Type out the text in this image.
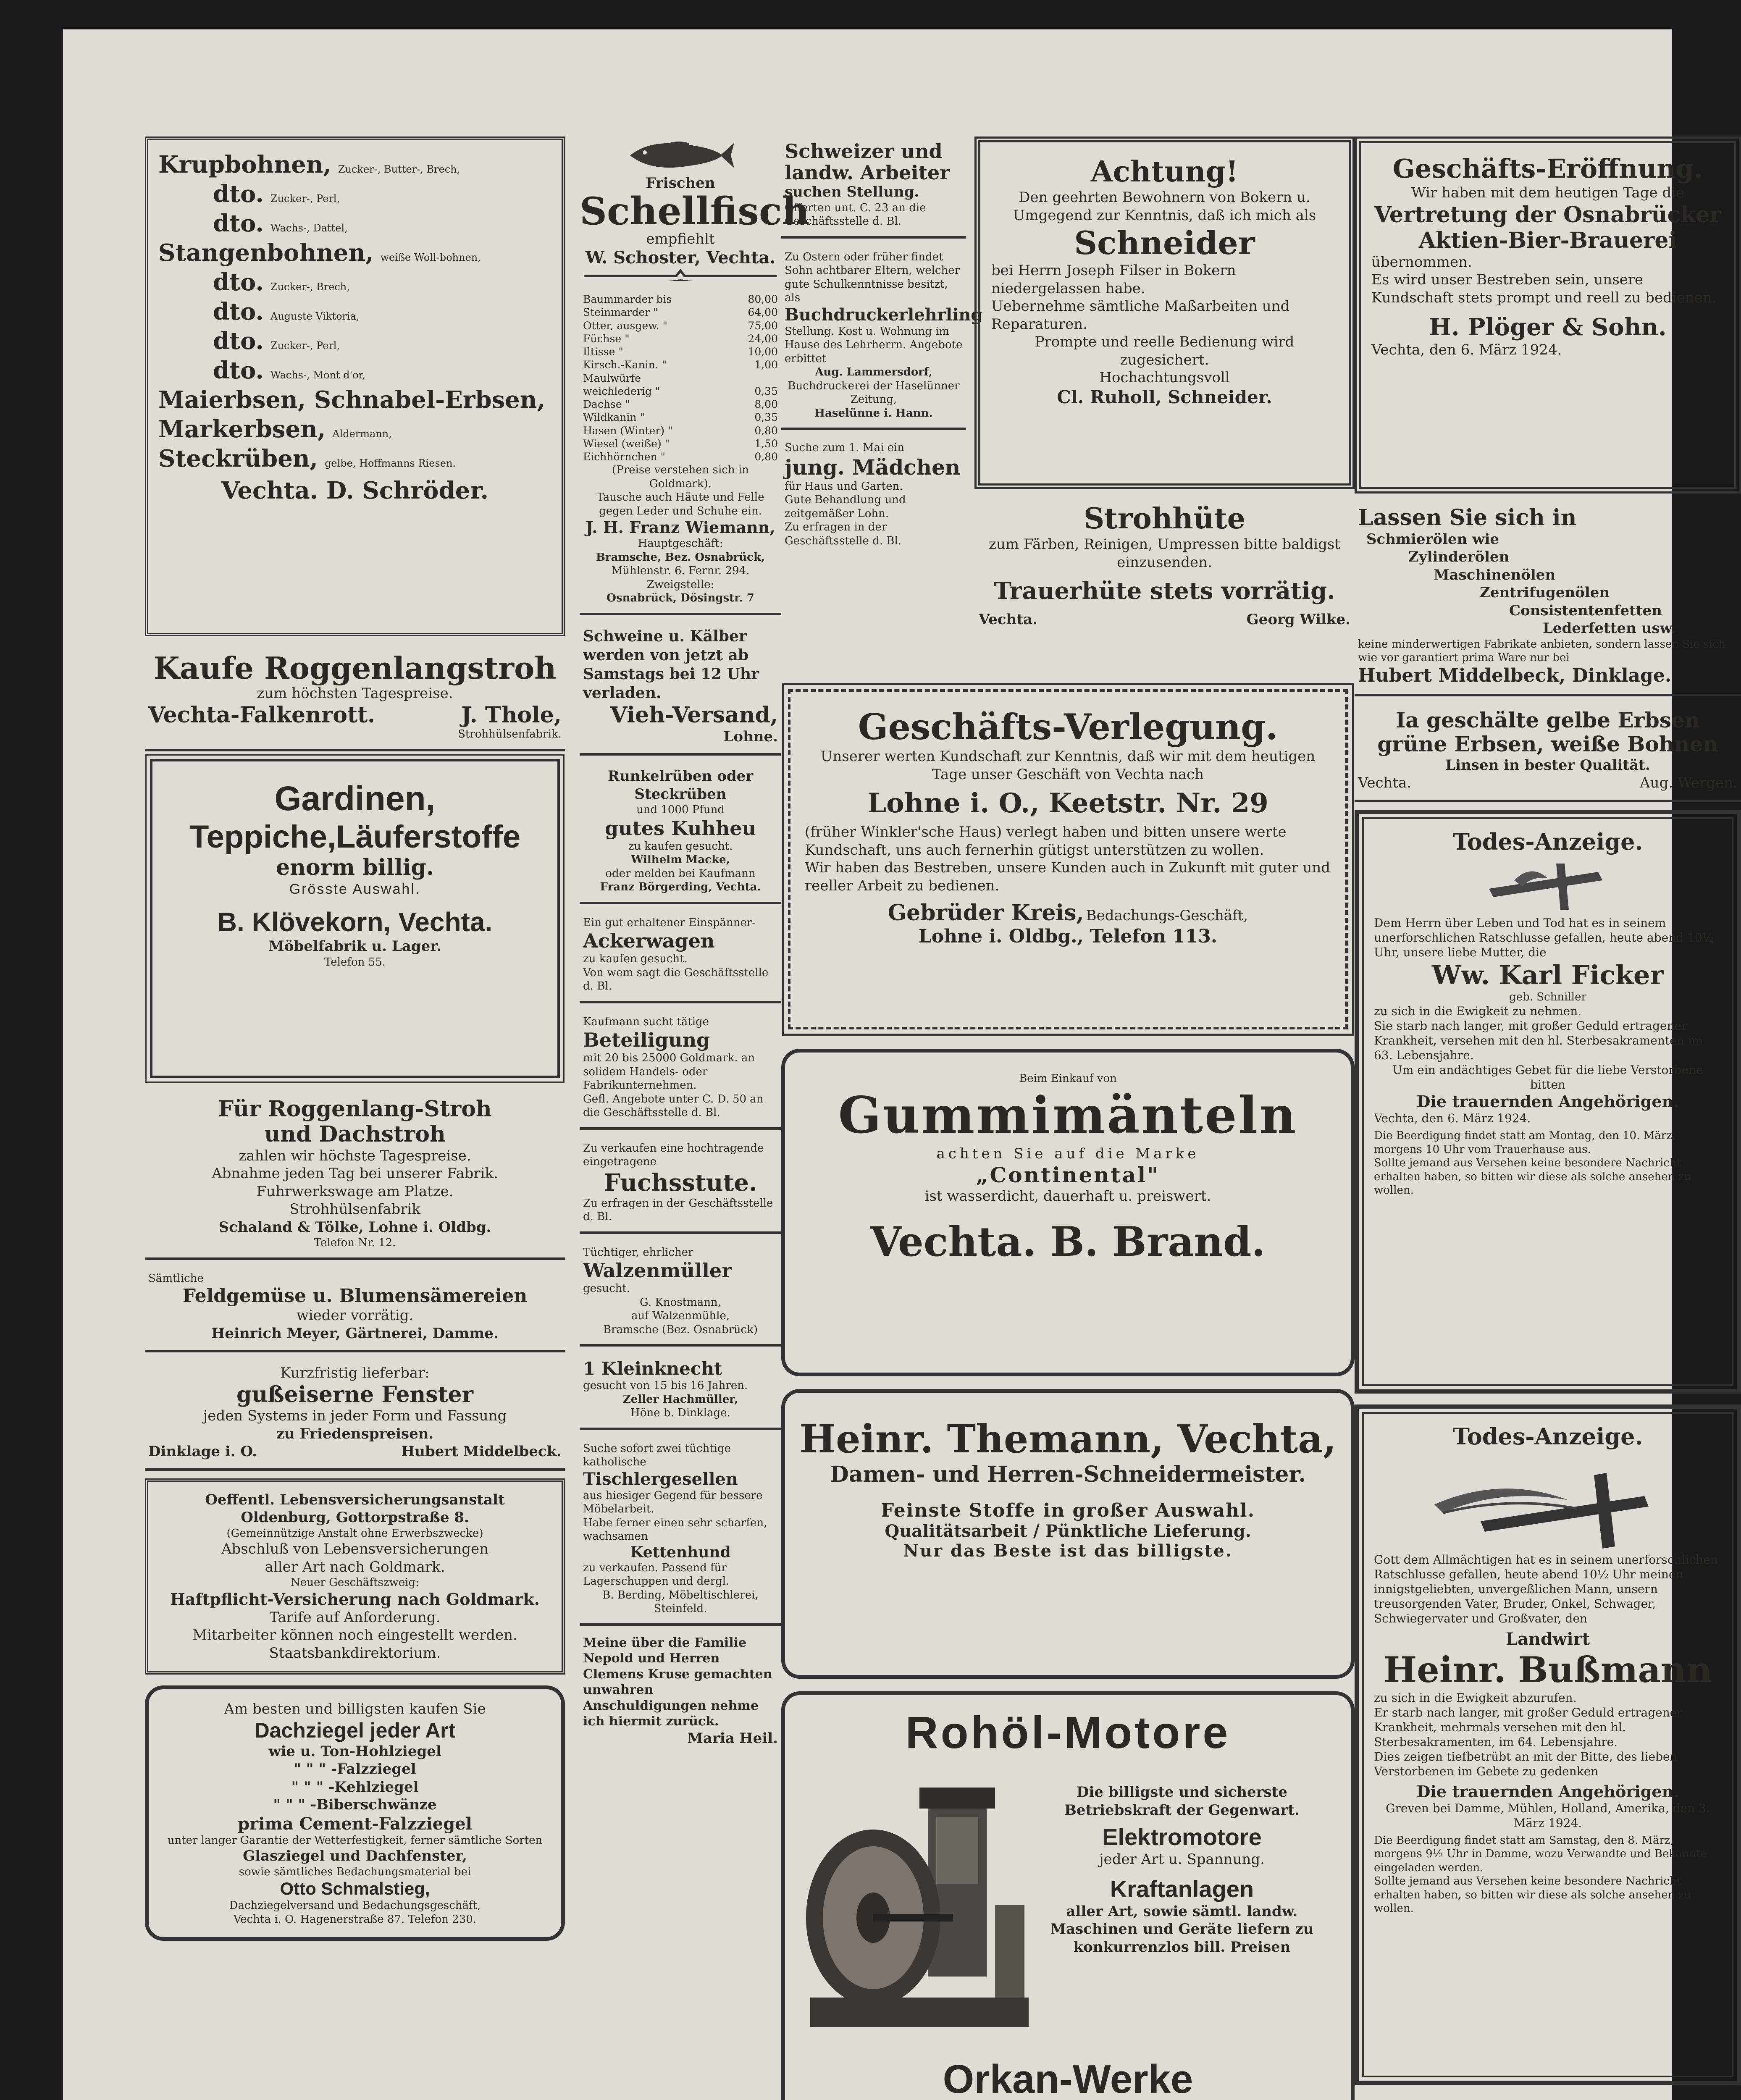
Krupbohnen, Zucker-, Butter-, Brech,
dto. Zucker-, Perl,
dto. Wachs-, Dattel,
Stangenbohnen, weiße Woll-bohnen,
dto. Zucker-, Brech,
dto. Auguste Viktoria,
dto. Zucker-, Perl,
dto. Wachs-, Mont d'or,
Maierbsen, Schnabel-Erbsen,
Markerbsen, Aldermann,
Steckrüben, gelbe, Hoffmanns Riesen.
Vechta. D. Schröder.
Kaufe Roggenlangstroh
zum höchsten Tagespreise.
Vechta-Falkenrott.	J. Thole,
Strohhülsenfabrik.
Gardinen,
Teppiche,Läuferstoffe
enorm billig.
Grösste Auswahl.
B. Klövekorn, Vechta.
Möbelfabrik u. Lager.
Telefon 55.
Für Roggenlang-Stroh
und Dachstroh
zahlen wir höchste Tagespreise.
Abnahme jeden Tag bei unserer Fabrik.
Fuhrwerkswage am Platze.
Strohhülsenfabrik
Schaland & Tölke, Lohne i. Oldbg.
Telefon Nr. 12.
Sämtliche
Feldgemüse u. Blumensämereien
wieder vorrätig.
Heinrich Meyer, Gärtnerei, Damme.
Kurzfristig lieferbar:
gußeiserne Fenster
jeden Systems in jeder Form und Fassung
zu Friedenspreisen.
Dinklage i. O.	Hubert Middelbeck.
Oeffentl. Lebensversicherungsanstalt
Oldenburg, Gottorpstraße 8.
(Gemeinnützige Anstalt ohne Erwerbszwecke)
Abschluß von Lebensversicherungen
aller Art nach Goldmark.
Neuer Geschäftszweig:
Haftpflicht-Versicherung nach Goldmark.
Tarife auf Anforderung.
Mitarbeiter können noch eingestellt werden.
Staatsbankdirektorium.
Am besten und billigsten kaufen Sie
Dachziegel jeder Art
wie u. Ton-Hohlziegel
" " " -Falzziegel
" " " -Kehlziegel
" " " -Biberschwänze
prima Cement-Falzziegel
unter langer Garantie der Wetterfestigkeit, ferner sämtliche Sorten
Glasziegel und Dachfenster,
sowie sämtliches Bedachungsmaterial bei
Otto Schmalstieg,
Dachziegelversand und Bedachungsgeschäft,
Vechta i. O. Hagenerstraße 87. Telefon 230.
Frischen
Schellfisch
empfiehlt
W. Schoster, Vechta.
Baummarder bis	80,00
Steinmarder "	64,00
Otter, ausgew. "	75,00
Füchse "	24,00
Iltisse "	10,00
Kirsch.-Kanin. "	1,00
Maulwürfe
weichlederig "	0,35
Dachse "	8,00
Wildkanin "	0,35
Hasen (Winter) "	0,80
Wiesel (weiße) "	1,50
Eichhörnchen "	0,80
(Preise verstehen sich in Goldmark).
Tausche auch Häute und Felle gegen Leder und Schuhe ein.
J. H. Franz Wiemann,
Hauptgeschäft:
Bramsche, Bez. Osnabrück,
Mühlenstr. 6. Fernr. 294.
Zweigstelle:
Osnabrück, Dösingstr. 7
Schweine u. Kälber werden von jetzt ab Samstags bei 12 Uhr verladen.
Vieh-Versand,
Lohne.
Runkelrüben oder Steckrüben
und 1000 Pfund
gutes Kuhheu
zu kaufen gesucht.
Wilhelm Macke,
oder melden bei Kaufmann
Franz Börgerding, Vechta.
Ein gut erhaltener Einspänner-
Ackerwagen
zu kaufen gesucht.
Von wem sagt die Geschäftsstelle d. Bl.
Kaufmann sucht tätige
Beteiligung
mit 20 bis 25000 Goldmark. an solidem Handels- oder Fabrikunternehmen.
Gefl. Angebote unter C. D. 50 an die Geschäftsstelle d. Bl.
Zu verkaufen eine hochtragende eingetragene
Fuchsstute.
Zu erfragen in der Geschäftsstelle d. Bl.
Tüchtiger, ehrlicher
Walzenmüller
gesucht.
G. Knostmann,
auf Walzenmühle,
Bramsche (Bez. Osnabrück)
1 Kleinknecht
gesucht von 15 bis 16 Jahren.
Zeller Hachmüller,
Höne b. Dinklage.
Suche sofort zwei tüchtige katholische
Tischlergesellen
aus hiesiger Gegend für bessere Möbelarbeit.
Habe ferner einen sehr scharfen, wachsamen
Kettenhund
zu verkaufen. Passend für Lagerschuppen und dergl.
B. Berding, Möbeltischlerei, Steinfeld.
Meine über die Familie Nepold und Herren Clemens Kruse gemachten unwahren Anschuldigungen nehme ich hiermit zurück.
Maria Heil.
Schweizer und landw. Arbeiter
suchen Stellung.
Offerten unt. C. 23 an die Geschäftsstelle d. Bl.
Zu Ostern oder früher findet Sohn achtbarer Eltern, welcher gute Schulkenntnisse besitzt, als
Buchdruckerlehrling
Stellung. Kost u. Wohnung im Hause des Lehrherrn. Angebote erbittet
Aug. Lammersdorf,
Buchdruckerei der Haselünner Zeitung,
Haselünne i. Hann.
Suche zum 1. Mai ein
jung. Mädchen
für Haus und Garten.
Gute Behandlung und zeitgemäßer Lohn.
Zu erfragen in der Geschäftsstelle d. Bl.
Achtung!
Den geehrten Bewohnern von Bokern u. Umgegend zur Kenntnis, daß ich mich als
Schneider
bei Herrn Joseph Filser in Bokern niedergelassen habe.
Uebernehme sämtliche Maßarbeiten und Reparaturen.
Prompte und reelle Bedienung wird zugesichert.
Hochachtungsvoll
Cl. Ruholl, Schneider.
Strohhüte
zum Färben, Reinigen, Umpressen bitte baldigst einzusenden.
Trauerhüte stets vorrätig.
Vechta.	Georg Wilke.
Geschäfts-Verlegung.
Unserer werten Kundschaft zur Kenntnis, daß wir mit dem heutigen Tage unser Geschäft von Vechta nach
Lohne i. O., Keetstr. Nr. 29
(früher Winkler'sche Haus) verlegt haben und bitten unsere werte Kundschaft, uns auch fernerhin gütigst unterstützen zu wollen.
Wir haben das Bestreben, unsere Kunden auch in Zukunft mit guter und reeller Arbeit zu bedienen.
Gebrüder Kreis, Bedachungs-Geschäft,
Lohne i. Oldbg., Telefon 113.
Beim Einkauf von
Gummimänteln
achten Sie auf die Marke
„Continental"
ist wasserdicht, dauerhaft u. preiswert.
Vechta. B. Brand.
Heinr. Themann, Vechta,
Damen- und Herren-Schneidermeister.
Feinste Stoffe in großer Auswahl.
Qualitätsarbeit / Pünktliche Lieferung.
Nur das Beste ist das billigste.
Rohöl-Motore
Die billigste und sicherste Betriebskraft der Gegenwart.
Elektromotore
jeder Art u. Spannung.
Kraftanlagen
aller Art, sowie sämtl. landw. Maschinen und Geräte liefern zu konkurrenzlos bill. Preisen
Orkan-Werke
Geschäfts-Eröffnung.
Wir haben mit dem heutigen Tage die
Vertretung der Osnabrücker Aktien-Bier-Brauerei
übernommen.
Es wird unser Bestreben sein, unsere Kundschaft stets prompt und reell zu bedienen.
H. Plöger & Sohn.
Vechta, den 6. März 1924.
Lassen Sie sich in
Schmierölen wie
Zylinderölen
Maschinenölen
Zentrifugenölen
Consistentenfetten
Lederfetten usw.
keine minderwertigen Fabrikate anbieten, sondern lassen Sie sich wie vor garantiert prima Ware nur bei
Hubert Middelbeck, Dinklage.
Ia geschälte gelbe Erbsen grüne Erbsen, weiße Bohnen
Linsen in bester Qualität.
Vechta.	Aug. Wergen.
Todes-Anzeige.
Dem Herrn über Leben und Tod hat es in seinem unerforschlichen Ratschlusse gefallen, heute abend 10½ Uhr, unsere liebe Mutter, die
Ww. Karl Ficker
geb. Schniller
zu sich in die Ewigkeit zu nehmen.
Sie starb nach langer, mit großer Geduld ertragener Krankheit, versehen mit den hl. Sterbesakramenten im 63. Lebensjahre.
Um ein andächtiges Gebet für die liebe Verstorbene bitten
Die trauernden Angehörigen.
Vechta, den 6. März 1924.
Die Beerdigung findet statt am Montag, den 10. März, morgens 10 Uhr vom Trauerhause aus.
Sollte jemand aus Versehen keine besondere Nachricht erhalten haben, so bitten wir diese als solche ansehen zu wollen.
Todes-Anzeige.
Gott dem Allmächtigen hat es in seinem unerforschlichen Ratschlusse gefallen, heute abend 10½ Uhr meinen innigstgeliebten, unvergeßlichen Mann, unsern treusorgenden Vater, Bruder, Onkel, Schwager, Schwiegervater und Großvater, den
Landwirt
Heinr. Bußmann
zu sich in die Ewigkeit abzurufen.
Er starb nach langer, mit großer Geduld ertragener Krankheit, mehrmals versehen mit den hl. Sterbesakramenten, im 64. Lebensjahre.
Dies zeigen tiefbetrübt an mit der Bitte, des lieben Verstorbenen im Gebete zu gedenken
Die trauernden Angehörigen.
Greven bei Damme, Mühlen, Holland, Amerika, den 3. März 1924.
Die Beerdigung findet statt am Samstag, den 8. März, morgens 9½ Uhr in Damme, wozu Verwandte und Bekannte eingeladen werden.
Sollte jemand aus Versehen keine besondere Nachricht erhalten haben, so bitten wir diese als solche ansehen zu wollen.
